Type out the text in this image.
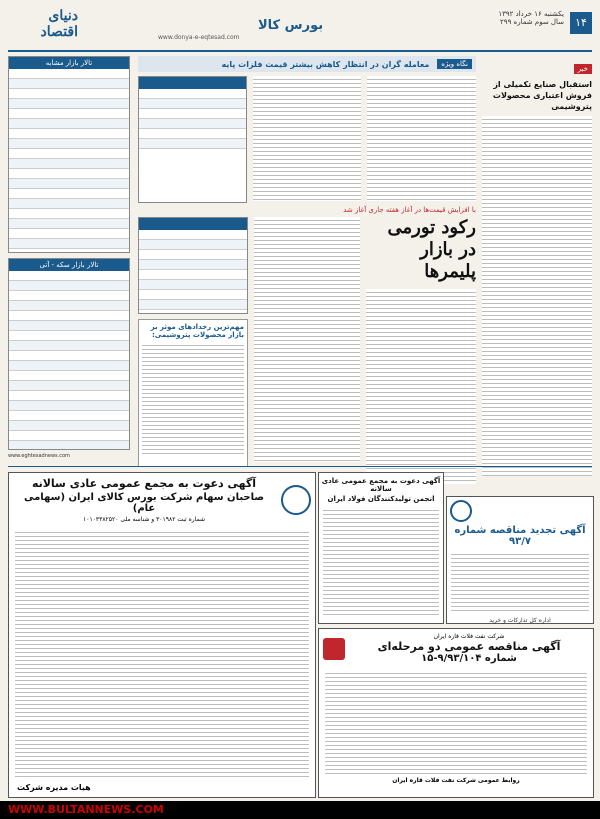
۱۴
یکشنبه ۱۶ خرداد ۱۳۹۲
سال سوم شماره ۲۹۹
بورس کالا
دنیای اقتصاد	www.donya-e-eqtesad.com
خبر
استقبال صنایع تکمیلی از فروش اعتباری محصولات پتروشیمی
نگاه ویژه
معامله گران در انتظار کاهش بیشتر قیمت فلزات پایه

با افزایش قیمت‌ها در آغاز هفته جاری آغاز شد
رکود تورمی در بازار پلیمرها

مهم‌ترین رخدادهای موثر بر بازار محصولات پتروشیمی:
تالار بازار مشابه
تالار بازار سکه - آتی
www.eghtesadnews.com
آگهی دعوت به مجمع عمومی عادی سالانه
صاحبان سهام شرکت بورس کالای ایران (سهامی عام)
شماره ثبت ۳۰۱۹۸۲ و شناسه ملی ۱۰۱۰۳۳۸۲۵۲۰
هیات مدیره شرکت
آگهی دعوت به مجمع عمومی عادی سالانه
انجمن تولیدکنندگان فولاد ایران
آگهی تجدید مناقصه شماره ۹۳/۷
اداره کل تدارکات و خرید
شرکت نفت فلات قاره ایران
آگهی مناقصه عمومی دو مرحله‌ای
شماره ۹/۹۳/۱۰۴-۱۵
روابط عمومی شرکت نفت فلات قاره ایران
WWW.BULTANNEWS.COM
